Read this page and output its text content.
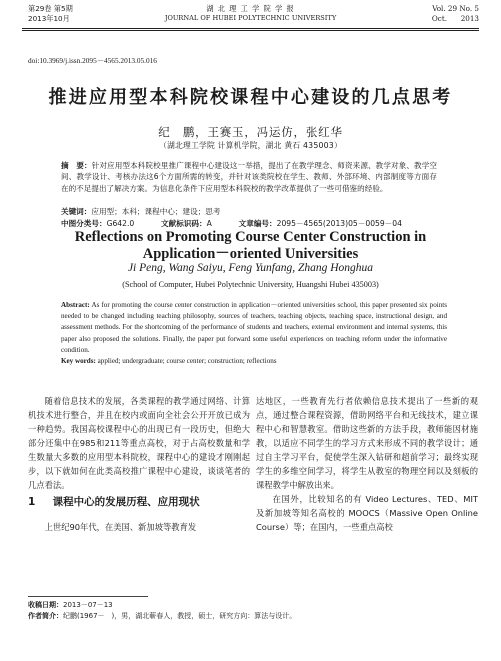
第29卷 第5期
2013年10月
湖 北 理 工 学 院 学 报
JOURNAL OF HUBEI POLYTECHNIC UNIVERSITY
Vol. 29 No. 5
Oct.      2013
doi:10.3969/j.issn.2095－4565.2013.05.016
推进应用型本科院校课程中心建设的几点思考
纪　鹏，王赛玉，冯运仿，张红华
（湖北理工学院 计算机学院，湖北 黄石 435003）
摘　要：针对应用型本科院校里推广课程中心建设这一举措，提出了在教学理念、师资来源、教学对象、教学空间、教学设计、考核办法这6个方面所需的转变，并针对该类院校在学生、教师、外部环境、内部制度等方面存在的不足提出了解决方案。为信息化条件下应用型本科院校的教学改革提供了一些可借鉴的经验。
关键词：应用型；本科；课程中心；建设；思考
中图分类号：G642.0	文献标识码：A	文章编号：2095－4565(2013)05－0059－04
Reflections on Promoting Course Center Construction in
Application－oriented Universities
Ji Peng, Wang Saiyu, Feng Yunfang, Zhang Honghua
(School of Computer, Hubei Polytechnic University, Huangshi Hubei 435003)
Abstract: As for promoting the course center construction in application－oriented universities school, this paper presented six points needed to be changed including teaching philosophy, sources of teachers, teaching objects, teaching space, instructional design, and assessment methods. For the shortcoming of the performance of students and teachers, external environment and internal systems, this paper also proposed the solutions. Finally, the paper put forward some useful experiences on teaching reform under the informative condition.
Key words: applied; undergraduate; course center; construction; reflections

随着信息技术的发展，各类课程的教学通过网络、计算机技术进行整合，并且在校内或面向全社会公开开放已成为一种趋势。我国高校课程中心的出现已有一段历史，但绝大部分还集中在985和211等重点高校，对于占高校数量和学生数量大多数的应用型本科院校，课程中心的建设才刚刚起步，以下就如何在此类高校推广课程中心建设，谈谈笔者的几点看法。

1 课程中心的发展历程、应用现状

上世纪90年代，在美国、新加坡等教育发

达地区，一些教育先行者依赖信息技术提出了一些新的观点，通过整合课程资源，借助网络平台和无线技术，建立课程中心和智慧教室。借助这些新的方法手段，教师能因材施教，以适应不同学生的学习方式来形成不同的教学设计；通过自主学习平台，促使学生深入钻研和超前学习；最终实现学生的多维空间学习，将学生从教室的物理空间以及刻板的课程教学中解放出来。

在国外，比较知名的有 Video Lectures、TED、MIT 及新加坡等知名高校的 MOOCS（Massive Open Online Course）等；在国内，一些重点高校

收稿日期：2013－07－13
作者简介：纪鹏(1967－　)，男，湖北蕲春人，教授，硕士，研究方向：算法与设计。
